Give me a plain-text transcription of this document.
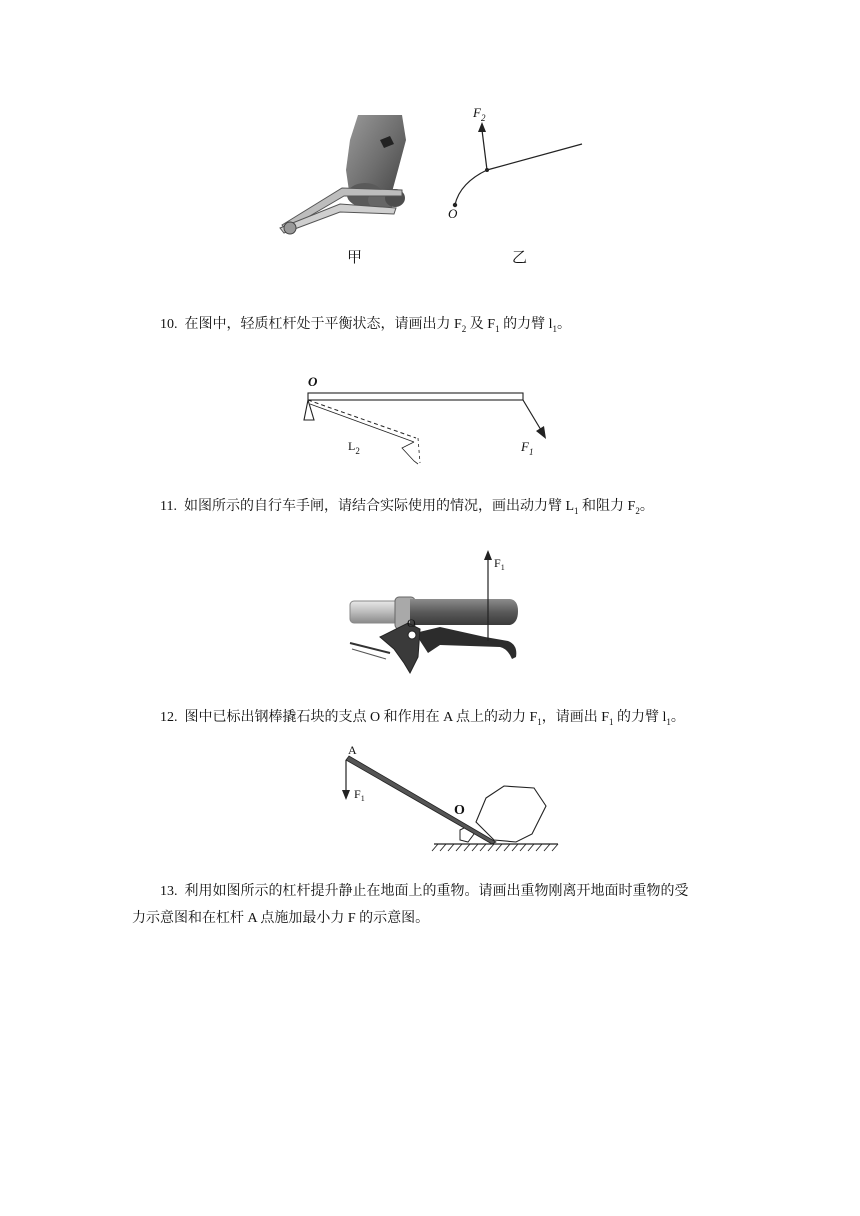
$F_2$
O
甲	乙
10. 在图中，轻质杠杆处于平衡状态，请画出力 $F_2$ 及 $F_1$ 的力臂 $l_1$。
O
$L_2$	$F_1$
11. 如图所示的自行车手闸，请结合实际使用的情况，画出动力臂 $L_1$ 和阻力 $F_2$。
$F_1$
O
12. 图中已标出钢棒撬石块的支点 O 和作用在 A 点上的动力 $F_1$，请画出 $F_1$ 的力臂 $l_1$。
A
$F_1$
O
13. 利用如图所示的杠杆提升静止在地面上的重物。请画出重物刚离开地面时重物的受
力示意图和在杠杆 A 点施加最小力 F 的示意图。
